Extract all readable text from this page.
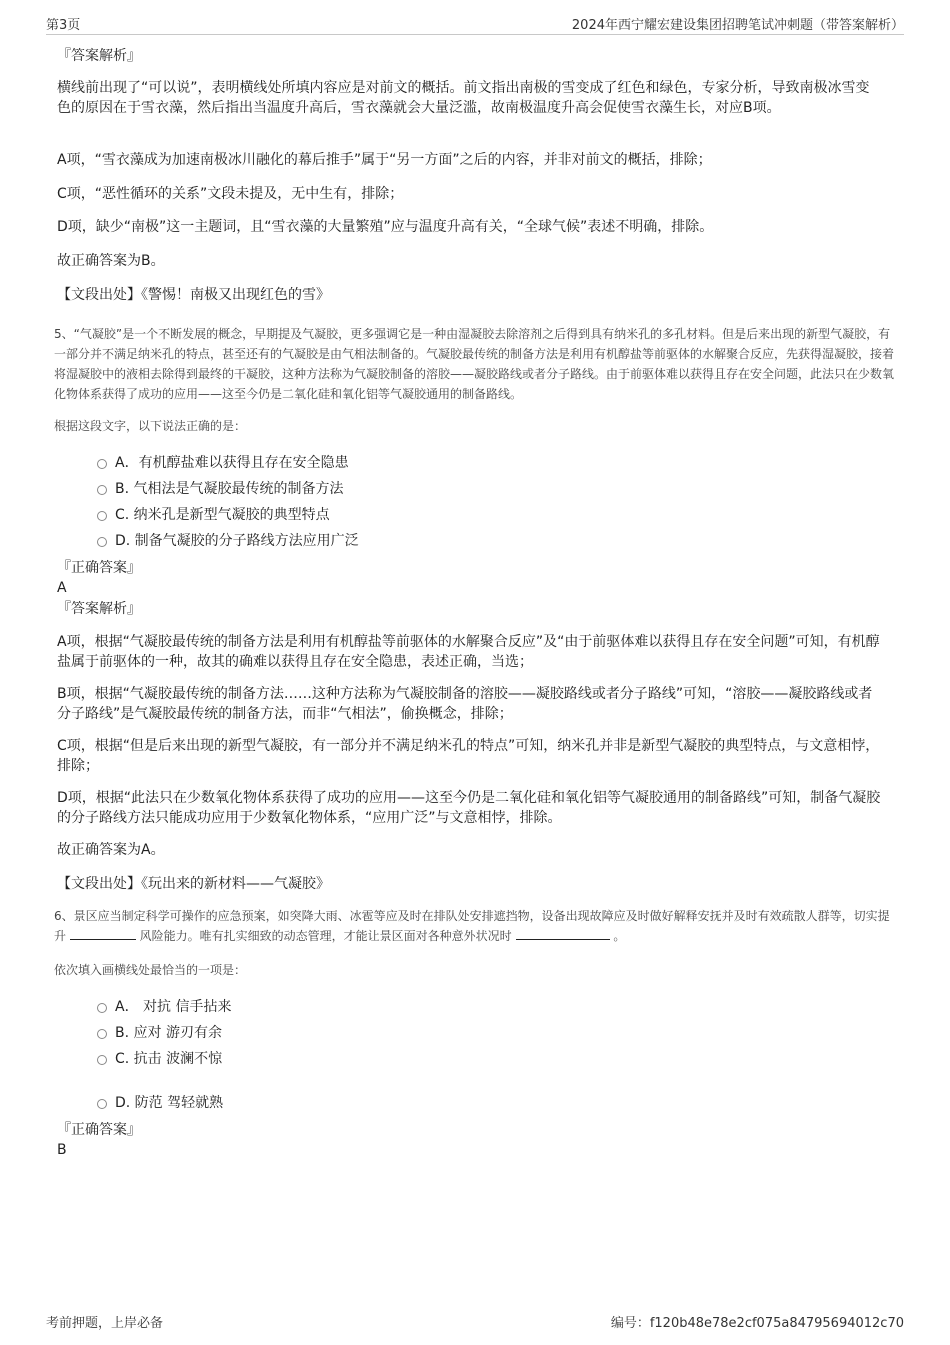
第3页	2024年西宁耀宏建设集团招聘笔试冲刺题（带答案解析）

『答案解析』

横线前出现了“可以说”，表明横线处所填内容应是对前文的概括。前文指出南极的雪变成了红色和绿色，专家分析，导致南极冰雪变色的原因在于雪衣藻，然后指出当温度升高后，雪衣藻就会大量泛滥，故南极温度升高会促使雪衣藻生长，对应B项。

A项，“雪衣藻成为加速南极冰川融化的幕后推手”属于“另一方面”之后的内容，并非对前文的概括，排除；

C项，“恶性循环的关系”文段未提及，无中生有，排除；

D项，缺少“南极”这一主题词，且“雪衣藻的大量繁殖”应与温度升高有关，“全球气候”表述不明确，排除。

故正确答案为B。

【文段出处】《警惕！南极又出现红色的雪》

5、“气凝胶”是一个不断发展的概念，早期提及气凝胶，更多强调它是一种由湿凝胶去除溶剂之后得到具有纳米孔的多孔材料。但是后来出现的新型气凝胶，有一部分并不满足纳米孔的特点，甚至还有的气凝胶是由气相法制备的。气凝胶最传统的制备方法是利用有机醇盐等前驱体的水解聚合反应，先获得湿凝胶，接着将湿凝胶中的液相去除得到最终的干凝胶，这种方法称为气凝胶制备的溶胶——凝胶路线或者分子路线。由于前驱体难以获得且存在安全问题，此法只在少数氧化物体系获得了成功的应用——这至今仍是二氧化硅和氧化铝等气凝胶通用的制备路线。

根据这段文字，以下说法正确的是：

A．有机醇盐难以获得且存在安全隐患
B. 气相法是气凝胶最传统的制备方法
C. 纳米孔是新型气凝胶的典型特点
D. 制备气凝胶的分子路线方法应用广泛

『正确答案』

A

『答案解析』

A项，根据“气凝胶最传统的制备方法是利用有机醇盐等前驱体的水解聚合反应”及“由于前驱体难以获得且存在安全问题”可知，有机醇盐属于前驱体的一种，故其的确难以获得且存在安全隐患，表述正确，当选；

B项，根据“气凝胶最传统的制备方法……这种方法称为气凝胶制备的溶胶——凝胶路线或者分子路线”可知，“溶胶——凝胶路线或者分子路线”是气凝胶最传统的制备方法，而非“气相法”，偷换概念，排除；

C项，根据“但是后来出现的新型气凝胶，有一部分并不满足纳米孔的特点”可知，纳米孔并非是新型气凝胶的典型特点，与文意相悖，排除；

D项，根据“此法只在少数氧化物体系获得了成功的应用——这至今仍是二氧化硅和氧化铝等气凝胶通用的制备路线”可知，制备气凝胶的分子路线方法只能成功应用于少数氧化物体系，“应用广泛”与文意相悖，排除。

故正确答案为A。

【文段出处】《玩出来的新材料——气凝胶》

6、景区应当制定科学可操作的应急预案，如突降大雨、冰雹等应及时在排队处安排遮挡物，设备出现故障应及时做好解释安抚并及时有效疏散人群等，切实提升	风险能力。唯有扎实细致的动态管理，才能让景区面对各种意外状况时	。

依次填入画横线处最恰当的一项是：

A． 对抗 信手拈来
B. 应对 游刃有余
C. 抗击 波澜不惊
D. 防范 驾轻就熟

『正确答案』

B

考前押题，上岸必备	编号：f120b48e78e2cf075a84795694012c70
